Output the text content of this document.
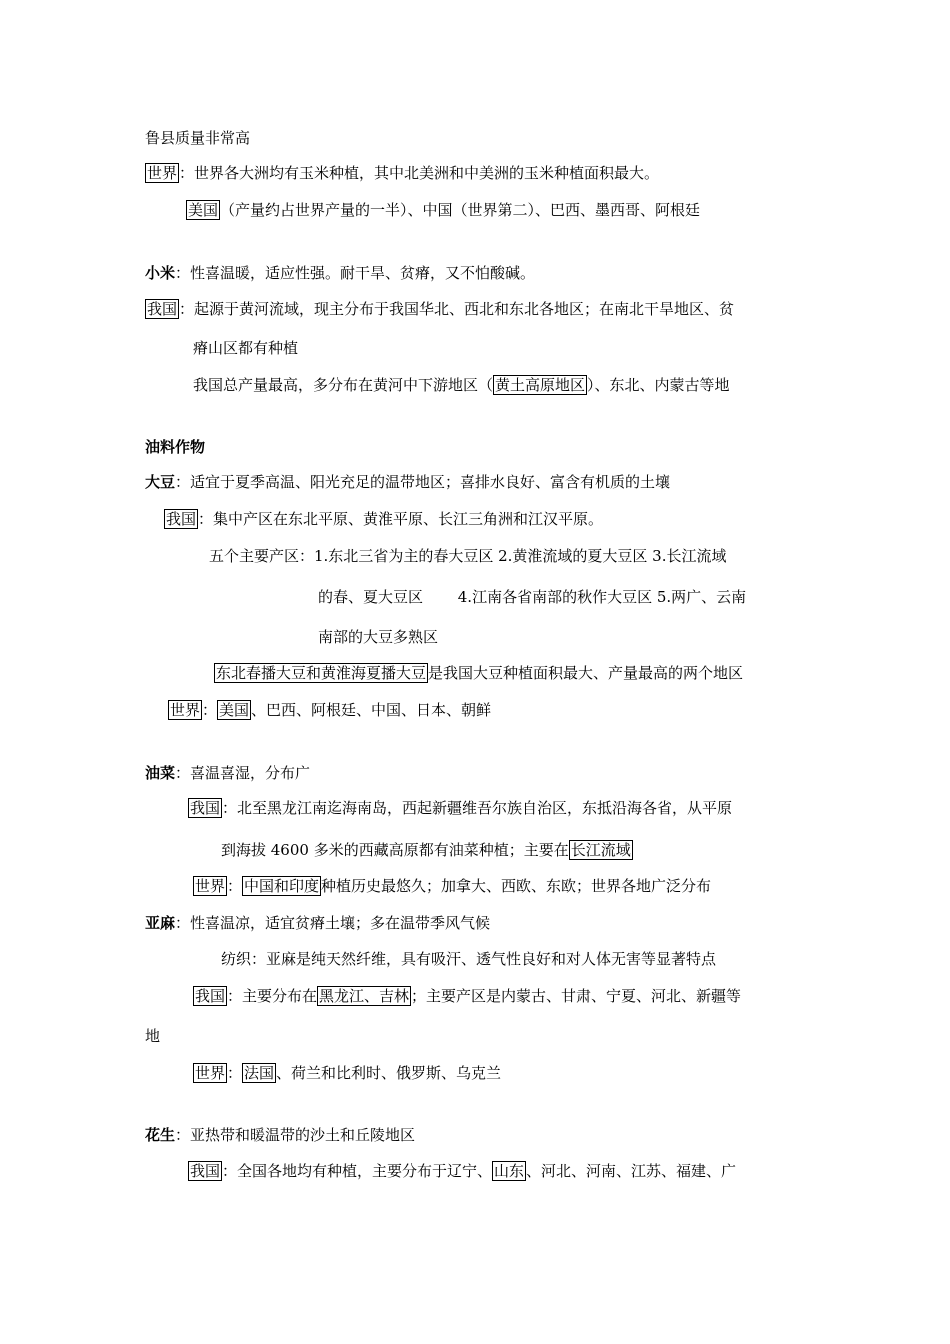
鲁县质量非常高
世界 ：世界各大洲均有玉米种植，其中北美洲和中美洲的玉米种植面积最大。
美国 （产量约占世界产量的一半）、中国（世界第二）、巴西、墨西哥、阿根廷
小米：性喜温暖，适应性强。耐干旱、贫瘠，又不怕酸碱。
我国 ：起源于黄河流域，现主分布于我国华北、西北和东北各地区；在南北干旱地区、贫
瘠山区都有种植
我国总产量最高，多分布在黄河中下游地区（ 黄土高原地区 ）、东北、内蒙古等地
油料作物
大豆：适宜于夏季高温、阳光充足的温带地区；喜排水良好、富含有机质的土壤
我国 ：集中产区在东北平原、黄淮平原、长江三角洲和江汉平原。
五个主要产区：1.东北三省为主的春大豆区 2.黄淮流域的夏大豆区 3.长江流域
的春、夏大豆区　　 4.江南各省南部的秋作大豆区 5.两广、云南
南部的大豆多熟区
东北春播大豆和黄淮海夏播大豆 是我国大豆种植面积最大、产量最高的两个地区
世界 ： 美国 、巴西、阿根廷、中国、日本、朝鲜
油菜：喜温喜湿，分布广
我国 ：北至黑龙江南迄海南岛，西起新疆维吾尔族自治区，东抵沿海各省，从平原
到海拔 4600 多米的西藏高原都有油菜种植；主要在 长江流域
世界 ： 中国和印度 种植历史最悠久；加拿大、西欧、东欧；世界各地广泛分布
亚麻：性喜温凉，适宜贫瘠土壤；多在温带季风气候
纺织：亚麻是纯天然纤维，具有吸汗、透气性良好和对人体无害等显著特点
我国 ：主要分布在 黑龙江、吉林 ；主要产区是内蒙古、甘肃、宁夏、河北、新疆等
地
世界 ： 法国 、荷兰和比利时、俄罗斯、乌克兰
花生：亚热带和暖温带的沙土和丘陵地区
我国 ：全国各地均有种植，主要分布于辽宁、 山东 、河北、河南、江苏、福建、广
